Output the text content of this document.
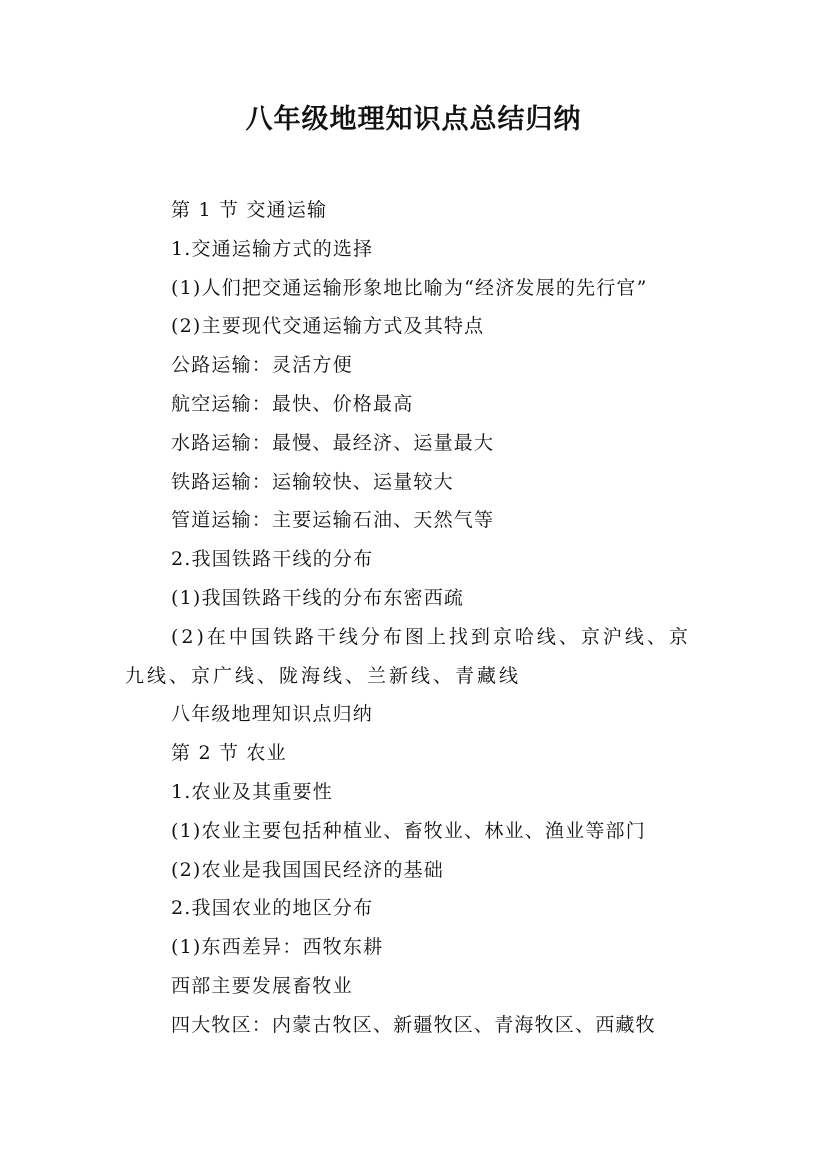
八年级地理知识点总结归纳

第 1 节 交通运输

1.交通运输方式的选择

(1)人们把交通运输形象地比喻为“经济发展的先行官”

(2)主要现代交通运输方式及其特点

公路运输：灵活方便

航空运输：最快、价格最高

水路运输：最慢、最经济、运量最大

铁路运输：运输较快、运量较大

管道运输：主要运输石油、天然气等

2.我国铁路干线的分布

(1)我国铁路干线的分布东密西疏

(2)在中国铁路干线分布图上找到京哈线、京沪线、京九线、京广线、陇海线、兰新线、青藏线

八年级地理知识点归纳

第 2 节 农业

1.农业及其重要性

(1)农业主要包括种植业、畜牧业、林业、渔业等部门

(2)农业是我国国民经济的基础

2.我国农业的地区分布

(1)东西差异：西牧东耕

西部主要发展畜牧业

四大牧区：内蒙古牧区、新疆牧区、青海牧区、西藏牧
